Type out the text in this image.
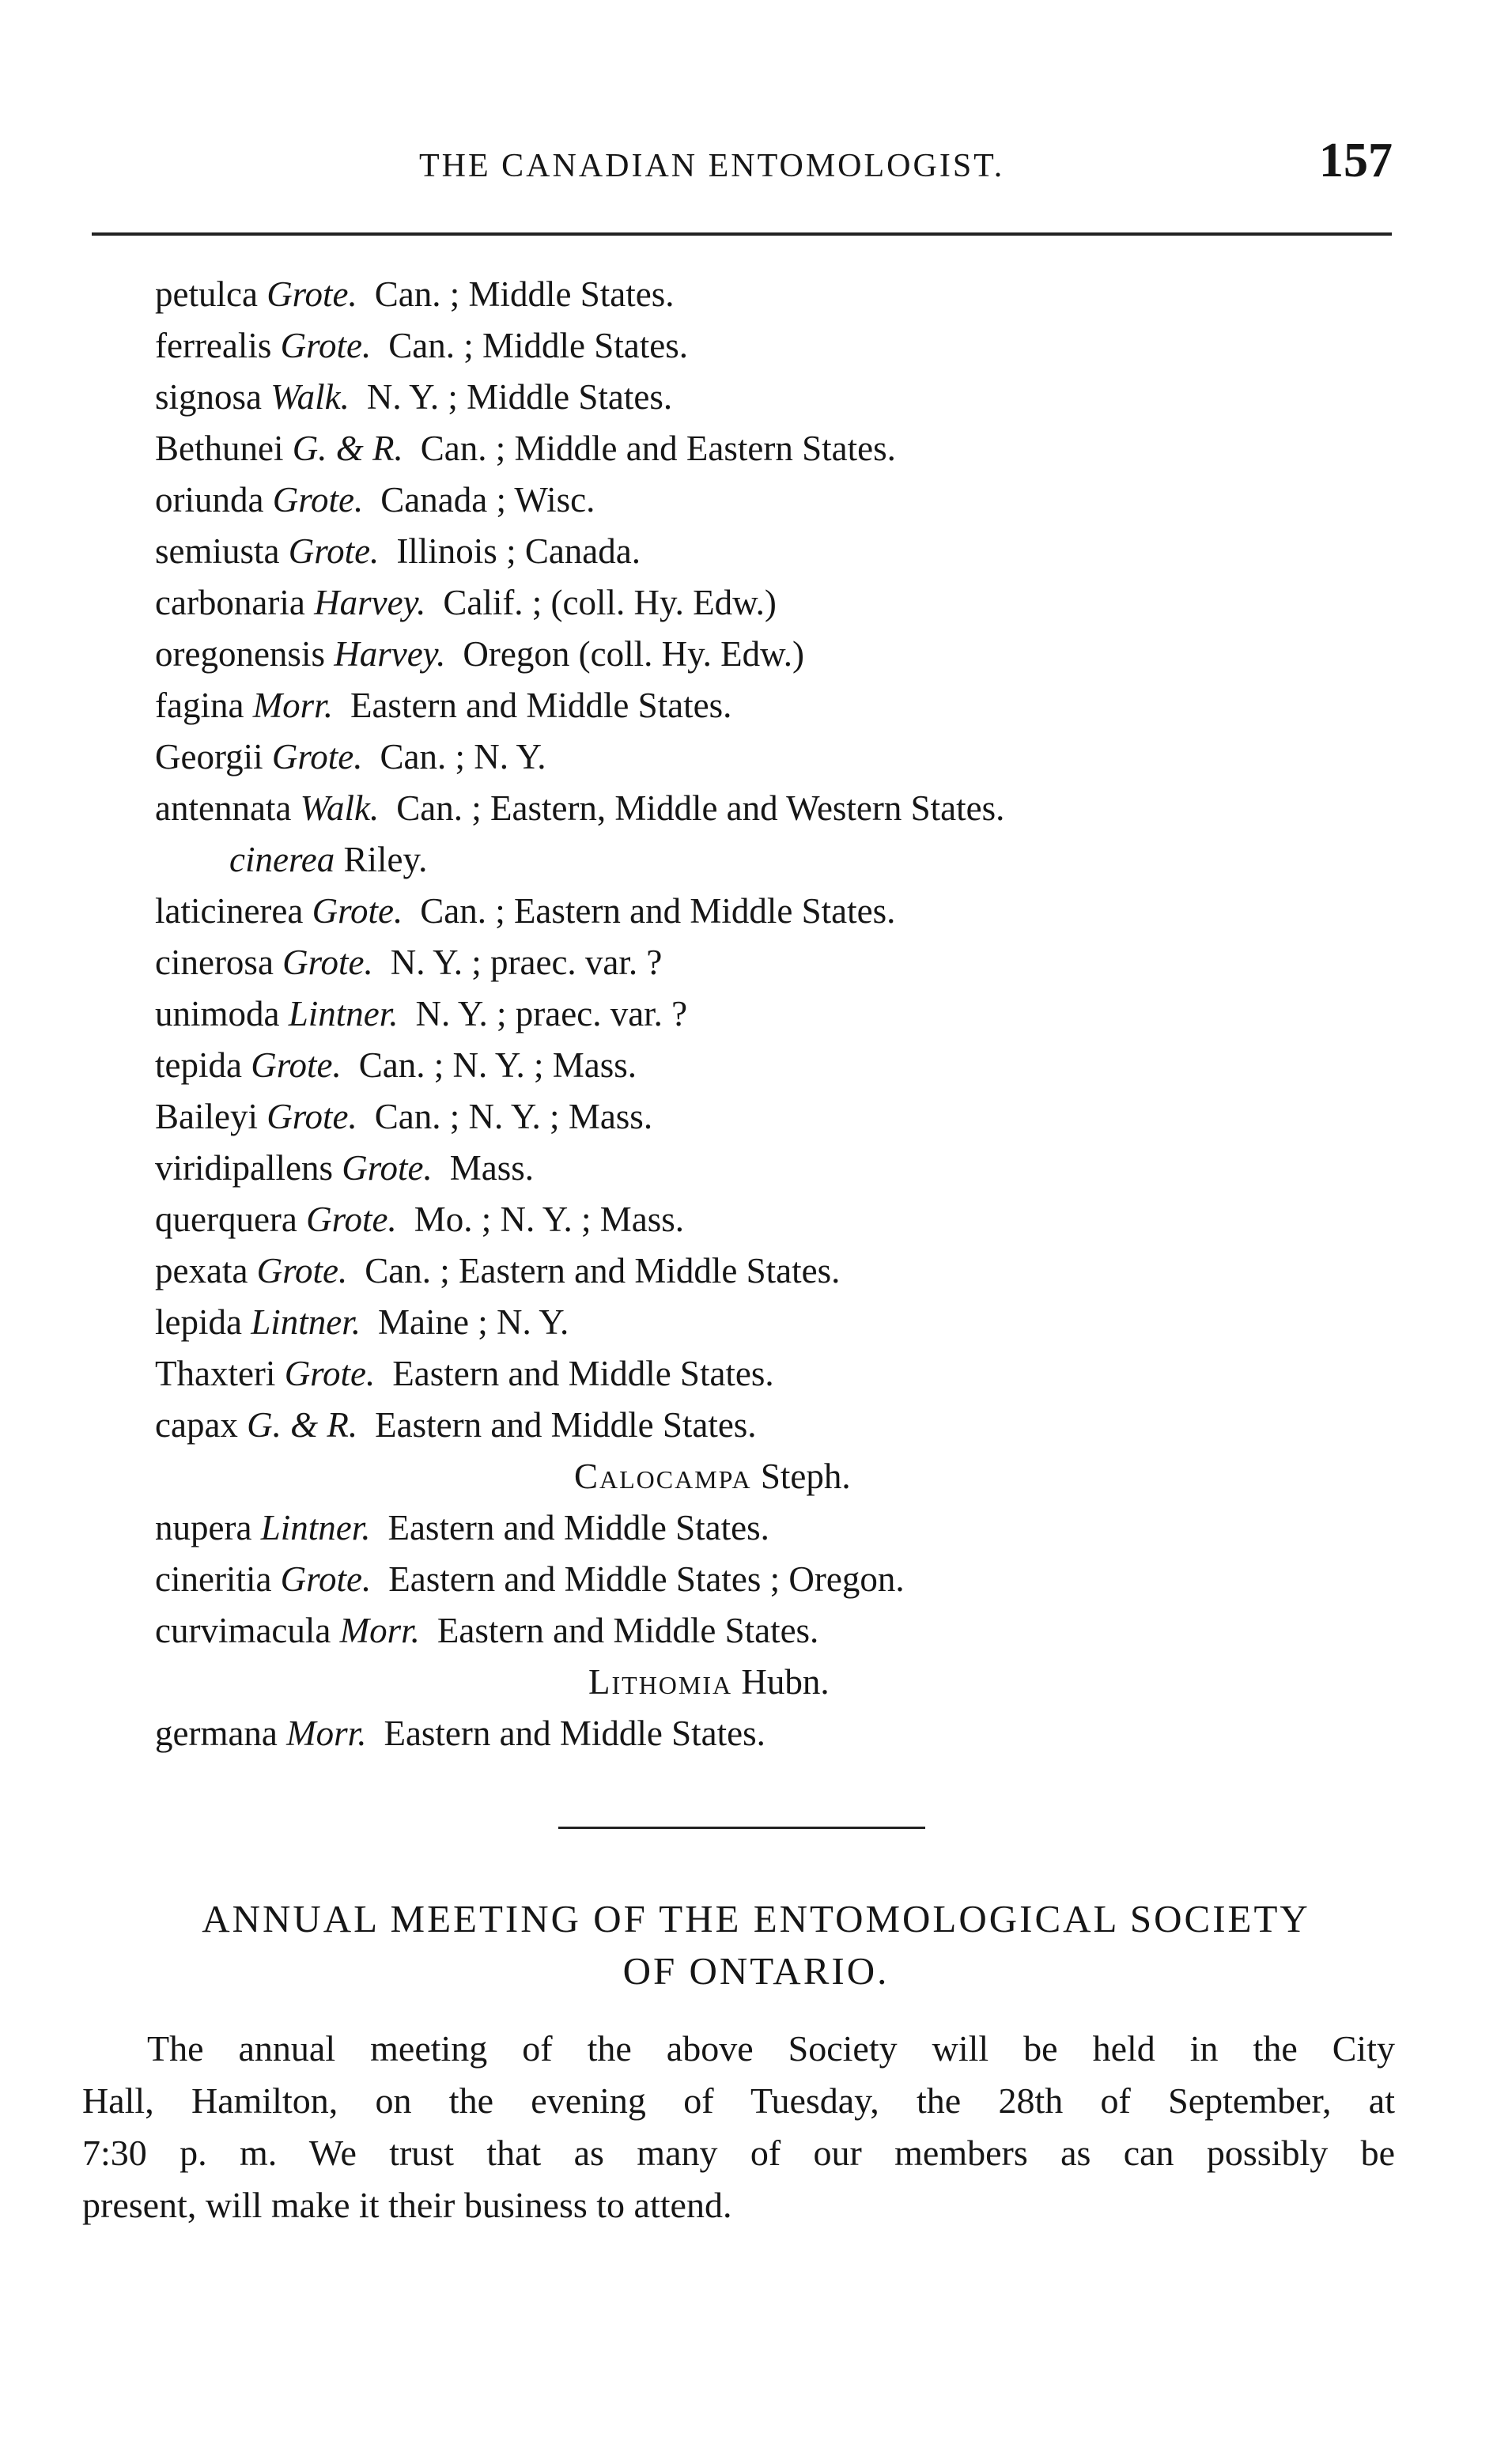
THE CANADIAN ENTOMOLOGIST.	157
petulca Grote. Can. ; Middle States.
ferrealis Grote. Can. ; Middle States.
signosa Walk. N. Y. ; Middle States.
Bethunei G. & R. Can. ; Middle and Eastern States.
oriunda Grote. Canada ; Wisc.
semiusta Grote. Illinois ; Canada.
carbonaria Harvey. Calif. ; (coll. Hy. Edw.)
oregonensis Harvey. Oregon (coll. Hy. Edw.)
fagina Morr. Eastern and Middle States.
Georgii Grote. Can. ; N. Y.
antennata Walk. Can. ; Eastern, Middle and Western States.
cinerea Riley.
laticinerea Grote. Can. ; Eastern and Middle States.
cinerosa Grote. N. Y. ; praec. var. ?
unimoda Lintner. N. Y. ; praec. var. ?
tepida Grote. Can. ; N. Y. ; Mass.
Baileyi Grote. Can. ; N. Y. ; Mass.
viridipallens Grote. Mass.
querquera Grote. Mo. ; N. Y. ; Mass.
pexata Grote. Can. ; Eastern and Middle States.
lepida Lintner. Maine ; N. Y.
Thaxteri Grote. Eastern and Middle States.
capax G. & R. Eastern and Middle States.
Calocampa Steph.
nupera Lintner. Eastern and Middle States.
cineritia Grote. Eastern and Middle States ; Oregon.
curvimacula Morr. Eastern and Middle States.
Lithomia Hubn.
germana Morr. Eastern and Middle States.
ANNUAL MEETING OF THE ENTOMOLOGICAL SOCIETY
OF ONTARIO.
The annual meeting of the above Society will be held in the City
Hall, Hamilton, on the evening of Tuesday, the 28th of September, at
7:30 p. m. We trust that as many of our members as can possibly be
present, will make it their business to attend.
